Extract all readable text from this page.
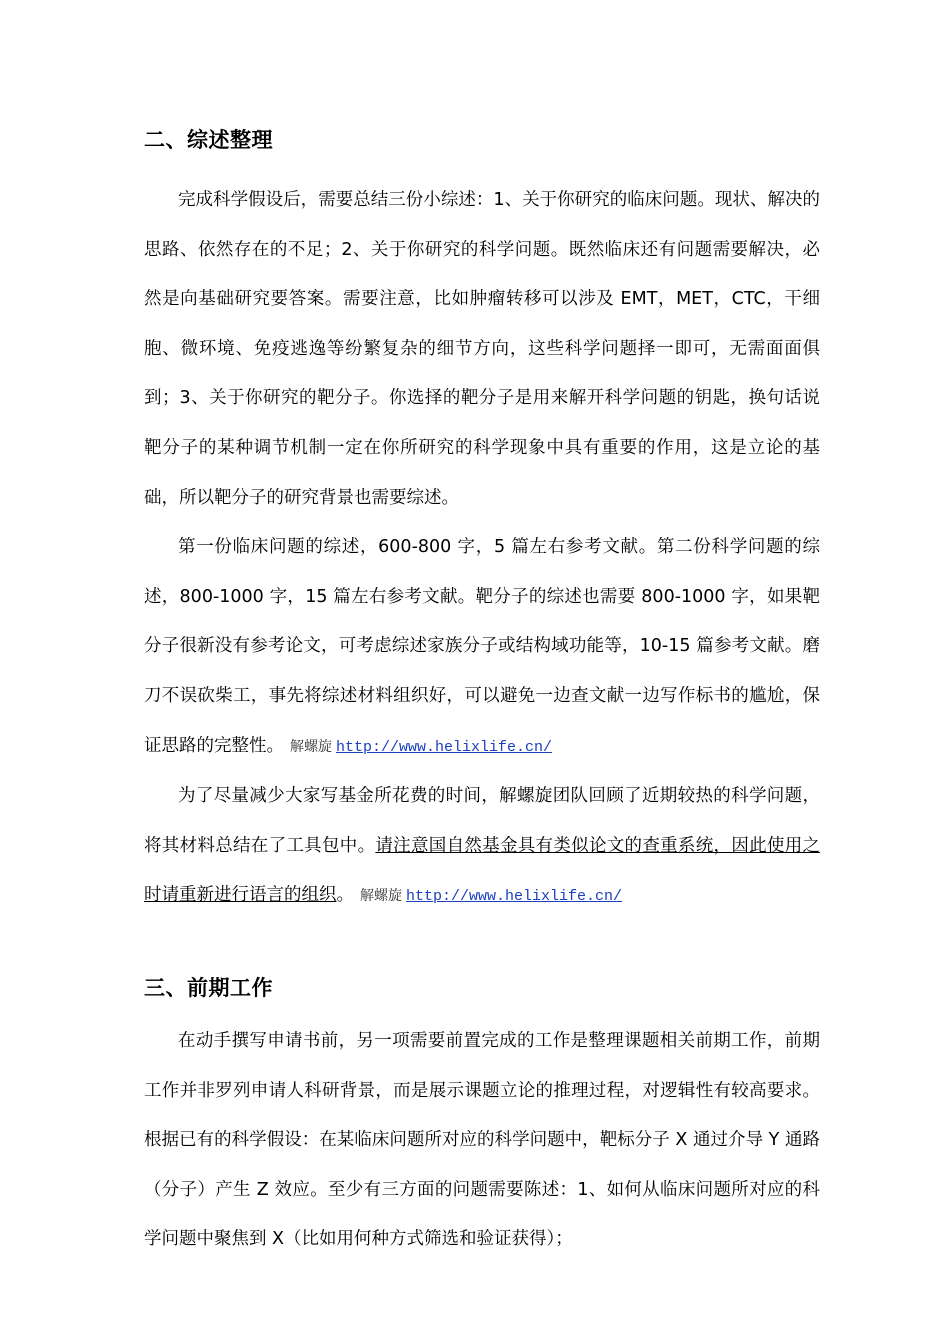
二、综述整理

完成科学假设后，需要总结三份小综述：1、关于你研究的临床问题。现状、解决的思路、依然存在的不足；2、关于你研究的科学问题。既然临床还有问题需要解决，必然是向基础研究要答案。需要注意，比如肿瘤转移可以涉及 EMT，MET，CTC，干细胞、微环境、免疫逃逸等纷繁复杂的细节方向，这些科学问题择一即可，无需面面俱到；3、关于你研究的靶分子。你选择的靶分子是用来解开科学问题的钥匙，换句话说靶分子的某种调节机制一定在你所研究的科学现象中具有重要的作用，这是立论的基础，所以靶分子的研究背景也需要综述。

第一份临床问题的综述，600-800 字，5 篇左右参考文献。第二份科学问题的综述，800-1000 字，15 篇左右参考文献。靶分子的综述也需要 800-1000 字，如果靶分子很新没有参考论文，可考虑综述家族分子或结构域功能等，10-15 篇参考文献。磨刀不误砍柴工，事先将综述材料组织好，可以避免一边查文献一边写作标书的尴尬，保证思路的完整性。 解螺旋 http://www.helixlife.cn/

为了尽量减少大家写基金所花费的时间，解螺旋团队回顾了近期较热的科学问题，将其材料总结在了工具包中。请注意国自然基金具有类似论文的查重系统，因此使用之时请重新进行语言的组织。 解螺旋 http://www.helixlife.cn/

三、前期工作

在动手撰写申请书前，另一项需要前置完成的工作是整理课题相关前期工作，前期工作并非罗列申请人科研背景，而是展示课题立论的推理过程，对逻辑性有较高要求。根据已有的科学假设：在某临床问题所对应的科学问题中，靶标分子 X 通过介导 Y 通路（分子）产生 Z 效应。至少有三方面的问题需要陈述：1、如何从临床问题所对应的科学问题中聚焦到 X（比如用何种方式筛选和验证获得）；
